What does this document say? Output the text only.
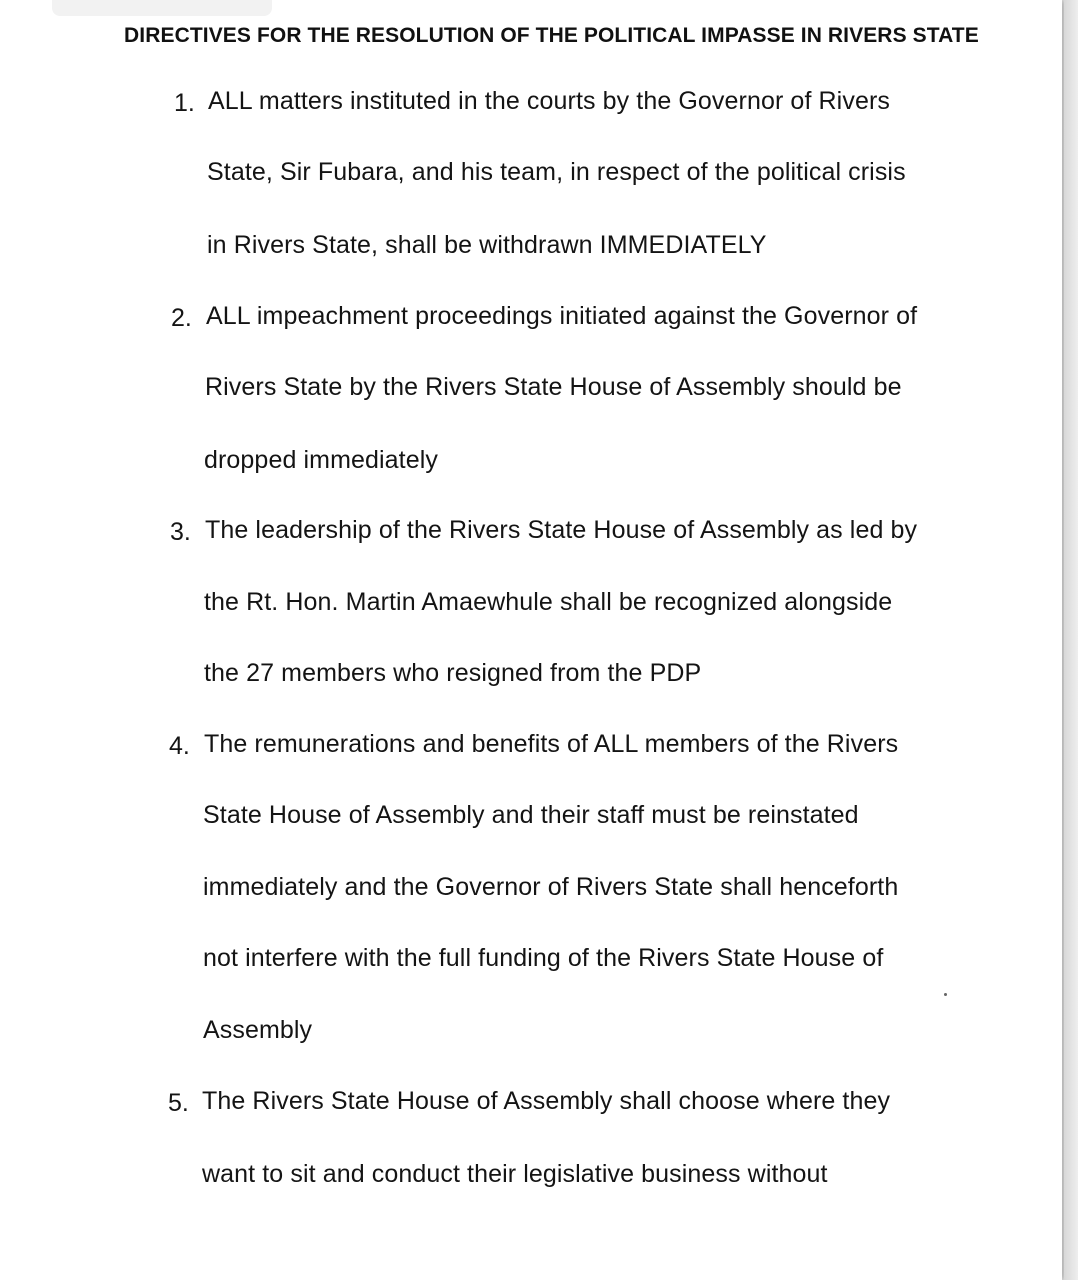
DIRECTIVES FOR THE RESOLUTION OF THE POLITICAL IMPASSE IN RIVERS STATE
1. ALL matters instituted in the courts by the Governor of Rivers
State, Sir Fubara, and his team, in respect of the political crisis
in Rivers State, shall be withdrawn IMMEDIATELY
2. ALL impeachment proceedings initiated against the Governor of
Rivers State by the Rivers State House of Assembly should be
dropped immediately
3. The leadership of the Rivers State House of Assembly as led by
the Rt. Hon. Martin Amaewhule shall be recognized alongside
the 27 members who resigned from the PDP
4. The remunerations and benefits of ALL members of the Rivers
State House of Assembly and their staff must be reinstated
immediately and the Governor of Rivers State shall henceforth
not interfere with the full funding of the Rivers State House of
Assembly
5. The Rivers State House of Assembly shall choose where they
want to sit and conduct their legislative business without
